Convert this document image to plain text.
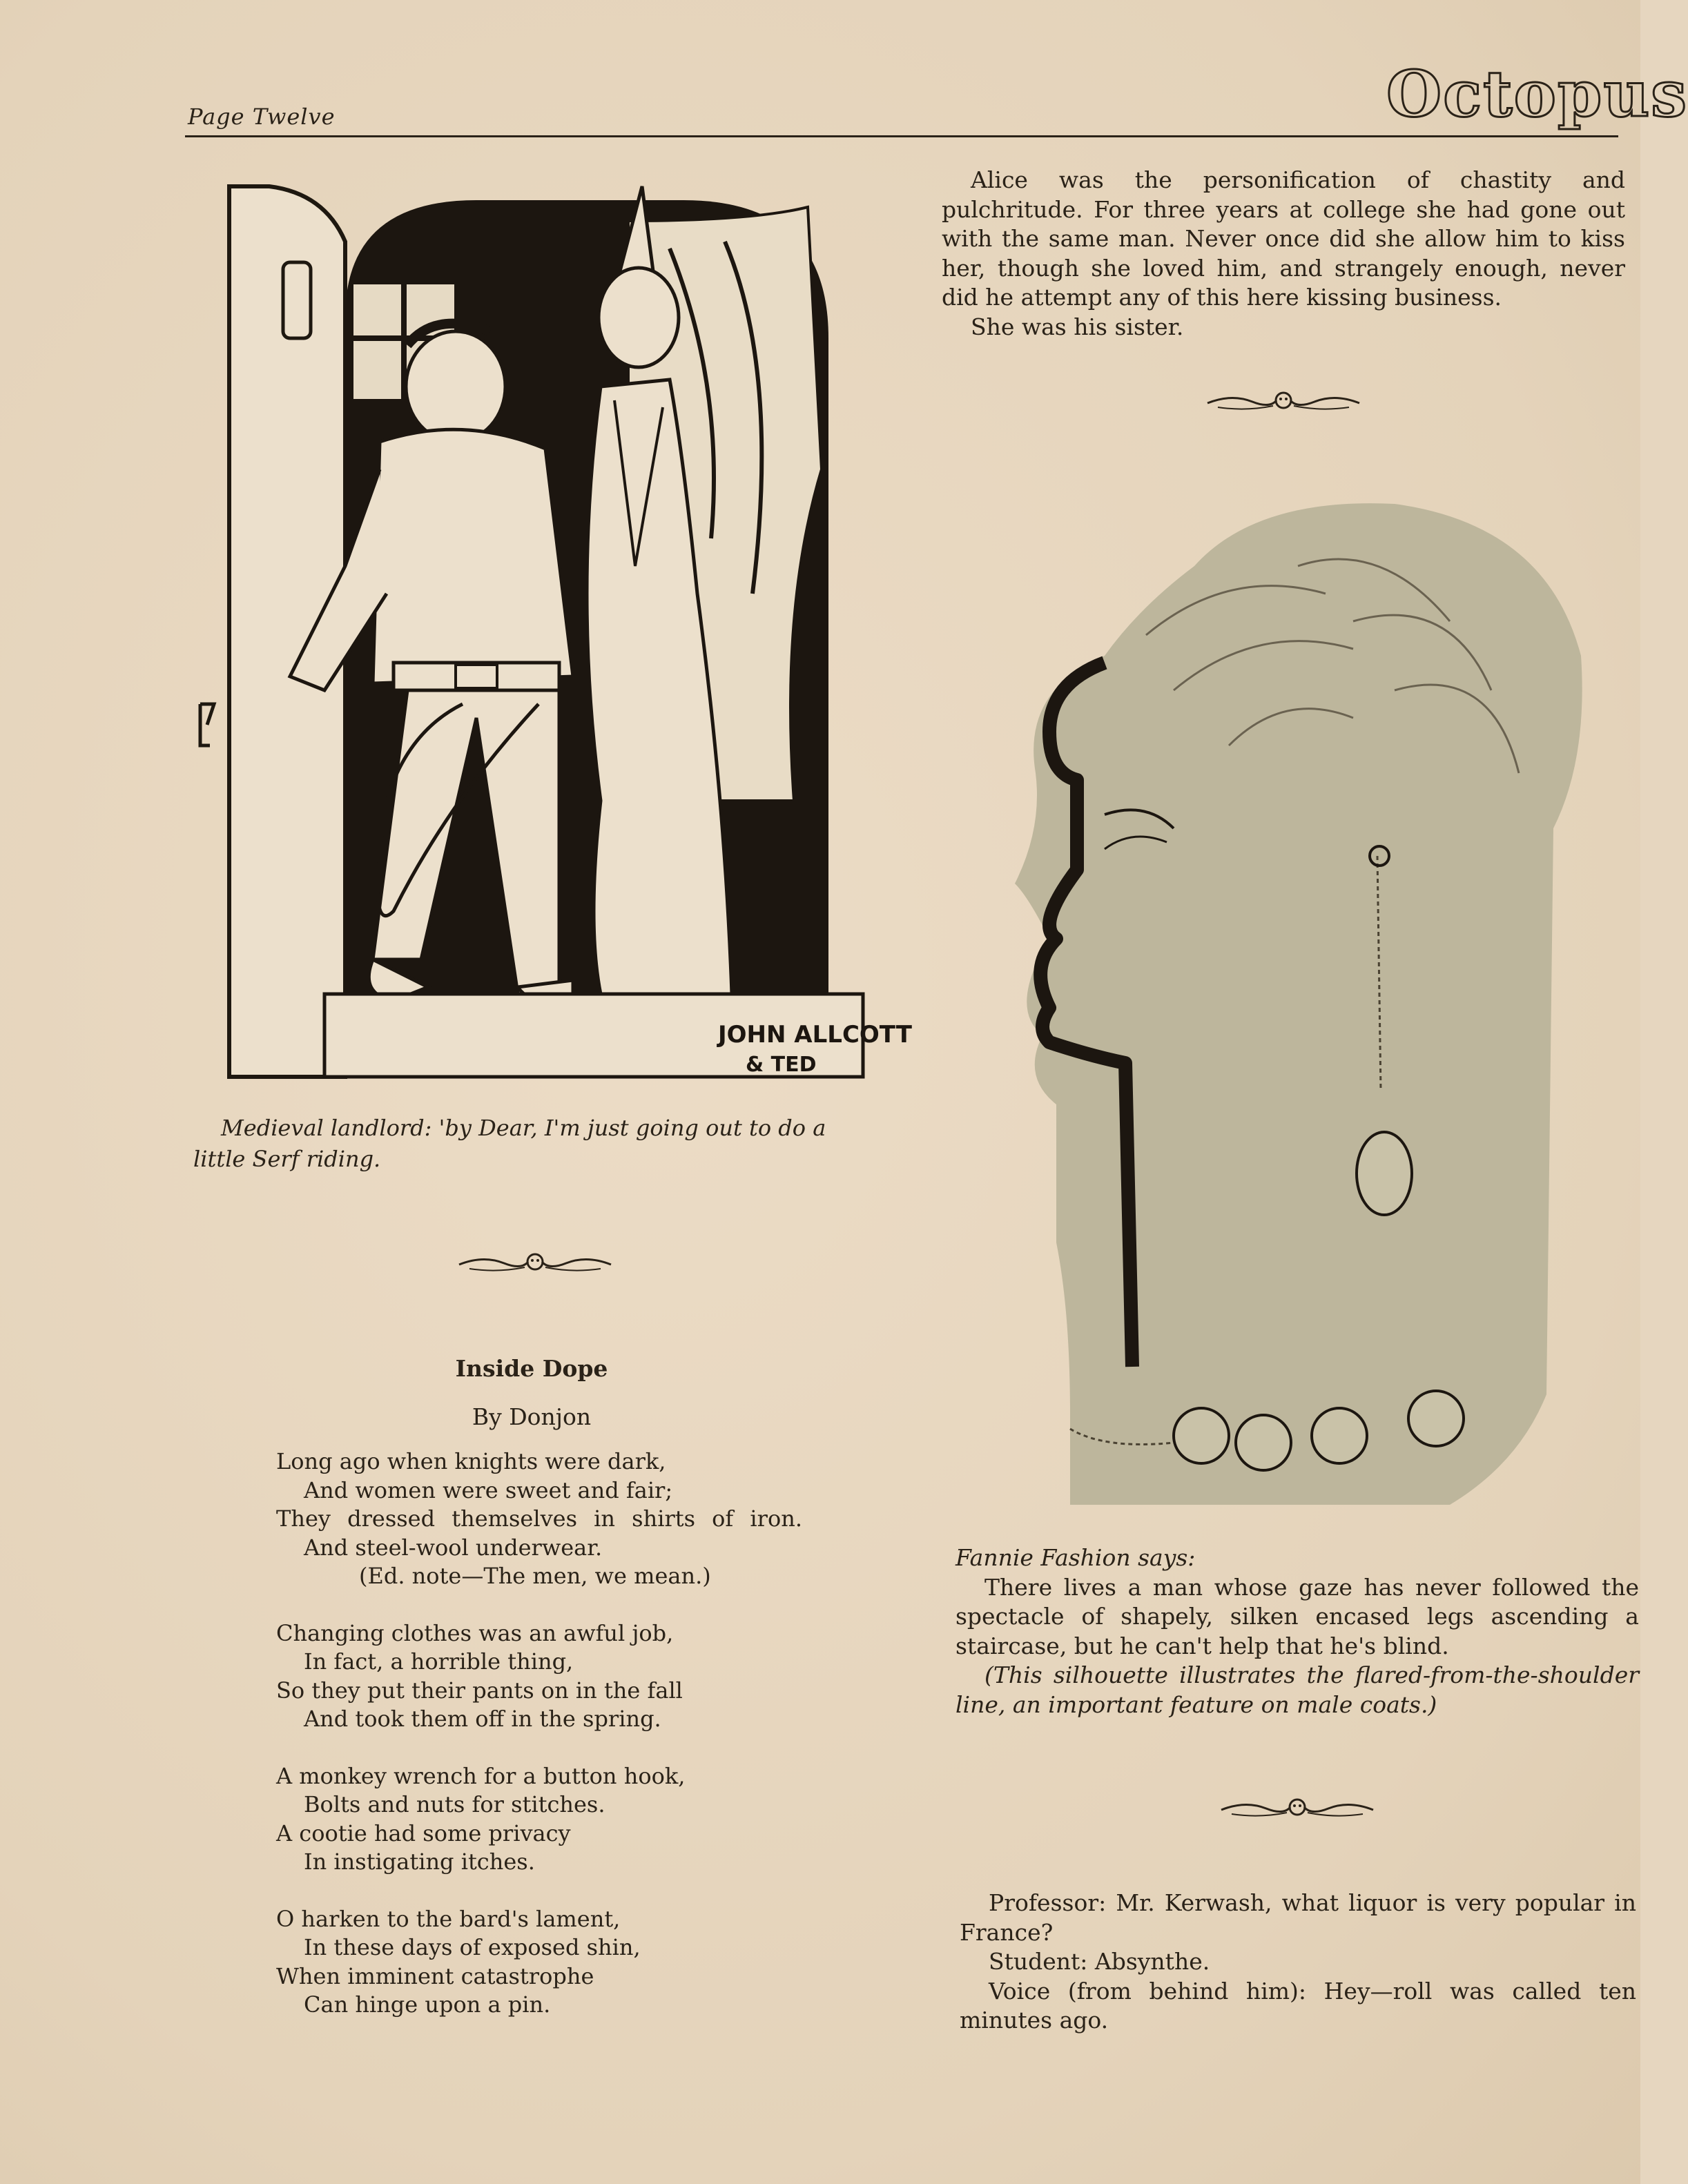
Page Twelve	Octopus
JOHN ALLCOTT
& TED
Medieval landlord: 'by Dear, I'm just going out to do a little Serf riding.
Inside Dope
By Donjon
Long ago when knights were dark,
And women were sweet and fair;
They dressed themselves in shirts of iron.
And steel-wool underwear.
(Ed. note—The men, we mean.)
Changing clothes was an awful job,
In fact, a horrible thing,
So they put their pants on in the fall
And took them off in the spring.
A monkey wrench for a button hook,
Bolts and nuts for stitches.
A cootie had some privacy
In instigating itches.
O harken to the bard's lament,
In these days of exposed shin,
When imminent catastrophe
Can hinge upon a pin.
Alice was the personification of chastity and pulchritude. For three years at college she had gone out with the same man. Never once did she allow him to kiss her, though she loved him, and strangely enough, never did he attempt any of this here kissing business.
She was his sister.
Fannie Fashion says:
There lives a man whose gaze has never followed the spectacle of shapely, silken encased legs ascending a staircase, but he can't help that he's blind.
(This silhouette illustrates the flared-from-the-shoulder line, an important feature on male coats.)
Professor: Mr. Kerwash, what liquor is very popular in France?
Student: Absynthe.
Voice (from behind him): Hey—roll was called ten minutes ago.
